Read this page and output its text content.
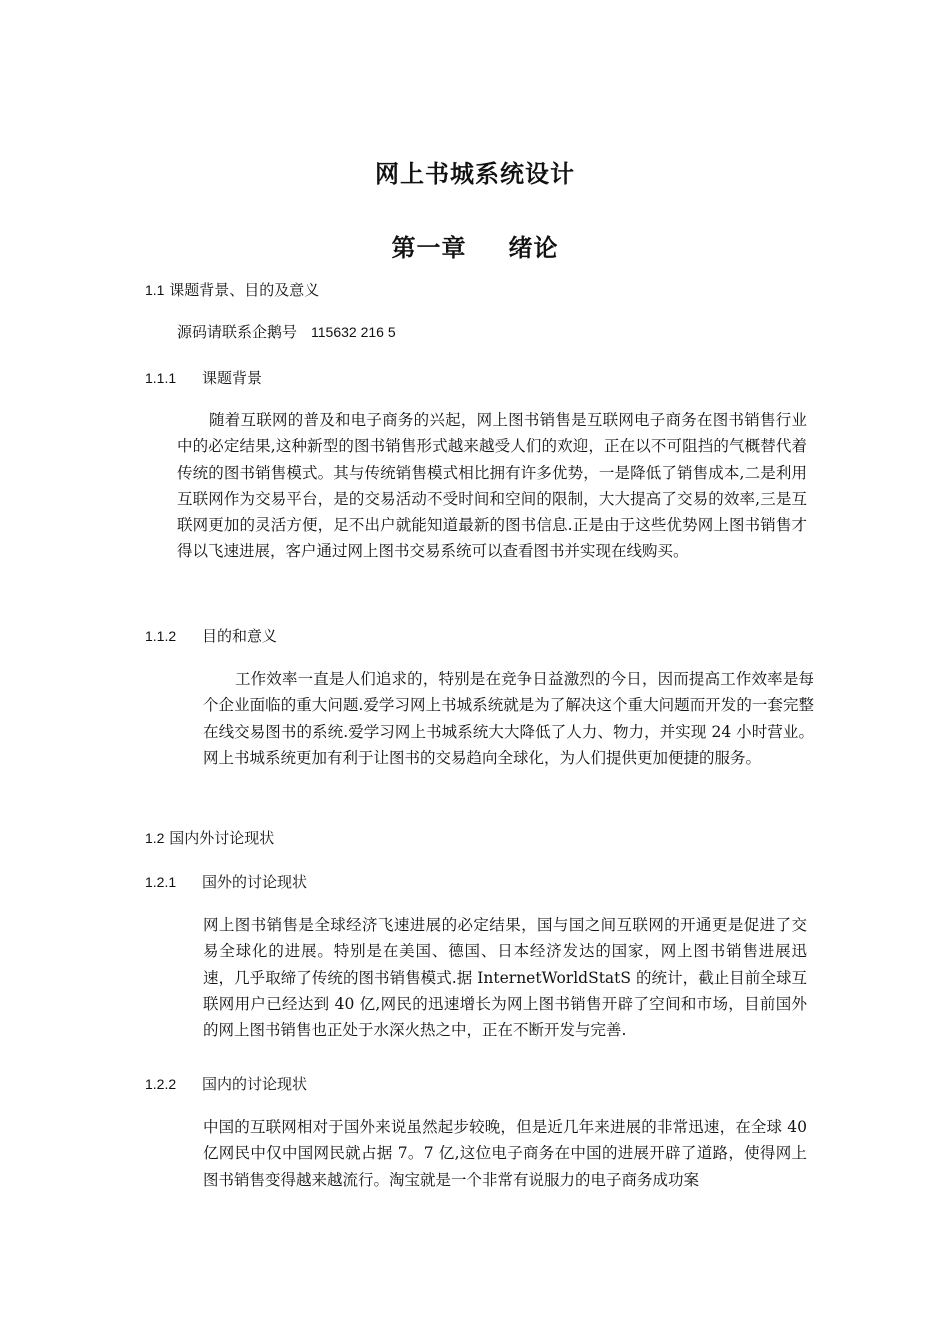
网上书城系统设计
第一章 绪论
1.1 课题背景、目的及意义
源码请联系企鹅号 115632 216 5
1.1.1 课题背景

随着互联网的普及和电子商务的兴起，网上图书销售是互联网电子商务在图书销售行业中的必定结果,这种新型的图书销售形式越来越受人们的欢迎，正在以不可阻挡的气概替代着传统的图书销售模式。其与传统销售模式相比拥有许多优势，一是降低了销售成本,二是利用互联网作为交易平台，是的交易活动不受时间和空间的限制，大大提高了交易的效率,三是互联网更加的灵活方便，足不出户就能知道最新的图书信息.正是由于这些优势网上图书销售才得以飞速进展，客户通过网上图书交易系统可以查看图书并实现在线购买。

1.1.2 目的和意义

工作效率一直是人们追求的，特别是在竞争日益激烈的今日，因而提高工作效率是每个企业面临的重大问题.爱学习网上书城系统就是为了解决这个重大问题而开发的一套完整在线交易图书的系统.爱学习网上书城系统大大降低了人力、物力，并实现 24 小时营业。网上书城系统更加有利于让图书的交易趋向全球化，为人们提供更加便捷的服务。

1.2 国内外讨论现状
1.2.1 国外的讨论现状

网上图书销售是全球经济飞速进展的必定结果，国与国之间互联网的开通更是促进了交易全球化的进展。特别是在美国、德国、日本经济发达的国家，网上图书销售进展迅速，几乎取缔了传统的图书销售模式.据 InternetWorldStatS 的统计，截止目前全球互联网用户已经达到 40 亿,网民的迅速增长为网上图书销售开辟了空间和市场，目前国外的网上图书销售也正处于水深火热之中，正在不断开发与完善.

1.2.2 国内的讨论现状

中国的互联网相对于国外来说虽然起步较晚，但是近几年来进展的非常迅速，在全球 40 亿网民中仅中国网民就占据 7。7 亿,这位电子商务在中国的进展开辟了道路，使得网上图书销售变得越来越流行。淘宝就是一个非常有说服力的电子商务成功案
